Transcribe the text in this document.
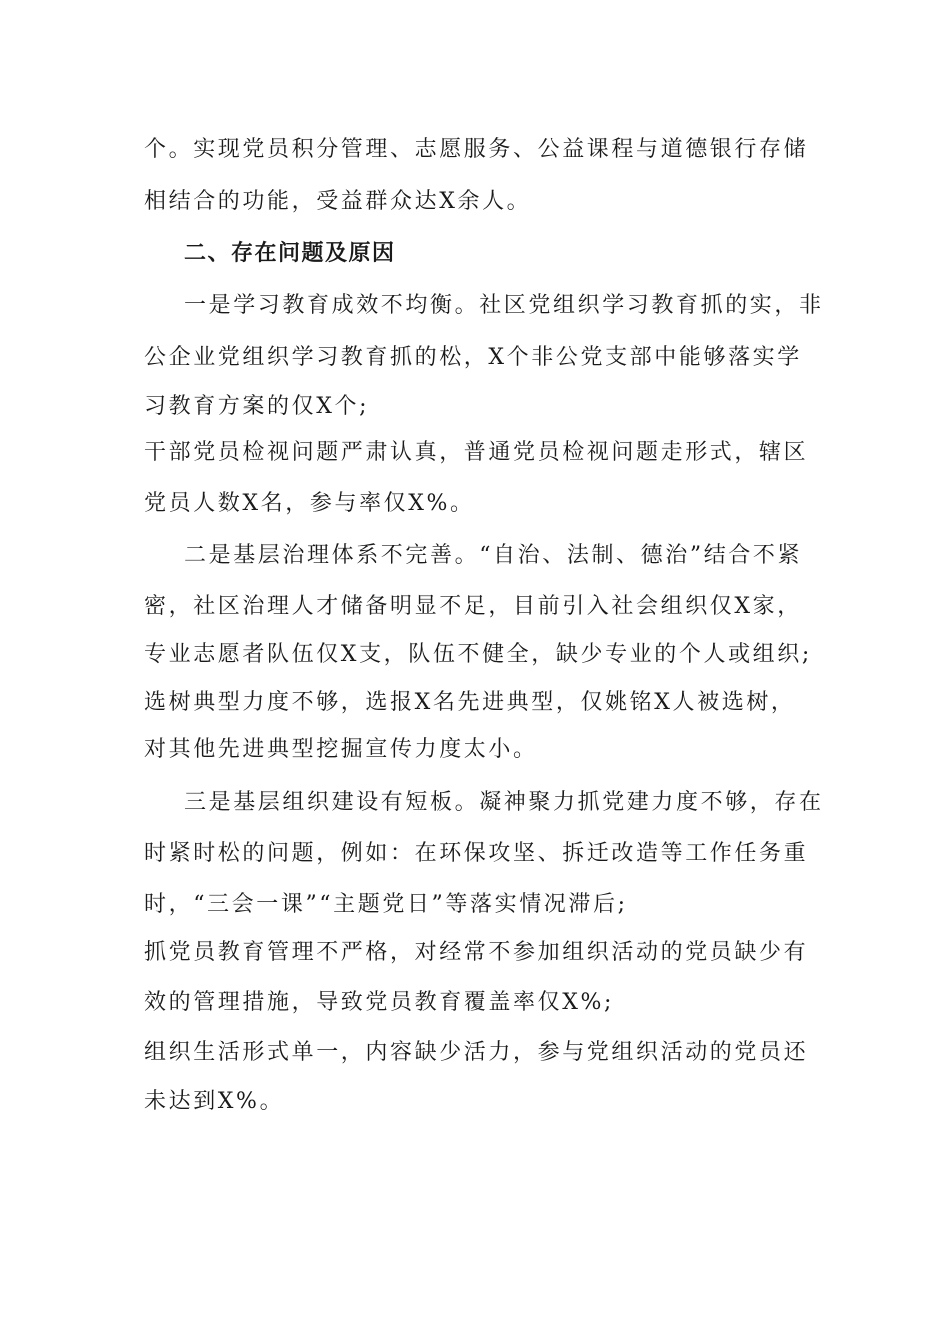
个。实现党员积分管理、志愿服务、公益课程与道德银行存储
相结合的功能，受益群众达X余人。
二、存在问题及原因
一是学习教育成效不均衡。社区党组织学习教育抓的实，非
公企业党组织学习教育抓的松，X个非公党支部中能够落实学
习教育方案的仅X个;
干部党员检视问题严肃认真，普通党员检视问题走形式，辖区
党员人数X名，参与率仅X%。
二是基层治理体系不完善。“自治、法制、德治”结合不紧
密，社区治理人才储备明显不足，目前引入社会组织仅X家，
专业志愿者队伍仅X支，队伍不健全，缺少专业的个人或组织;
选树典型力度不够，选报X名先进典型，仅姚铭X人被选树，
对其他先进典型挖掘宣传力度太小。
三是基层组织建设有短板。凝神聚力抓党建力度不够，存在
时紧时松的问题，例如：在环保攻坚、拆迁改造等工作任务重
时，“三会一课”“主题党日”等落实情况滞后;
抓党员教育管理不严格，对经常不参加组织活动的党员缺少有
效的管理措施，导致党员教育覆盖率仅X%;
组织生活形式单一，内容缺少活力，参与党组织活动的党员还
未达到X%。
